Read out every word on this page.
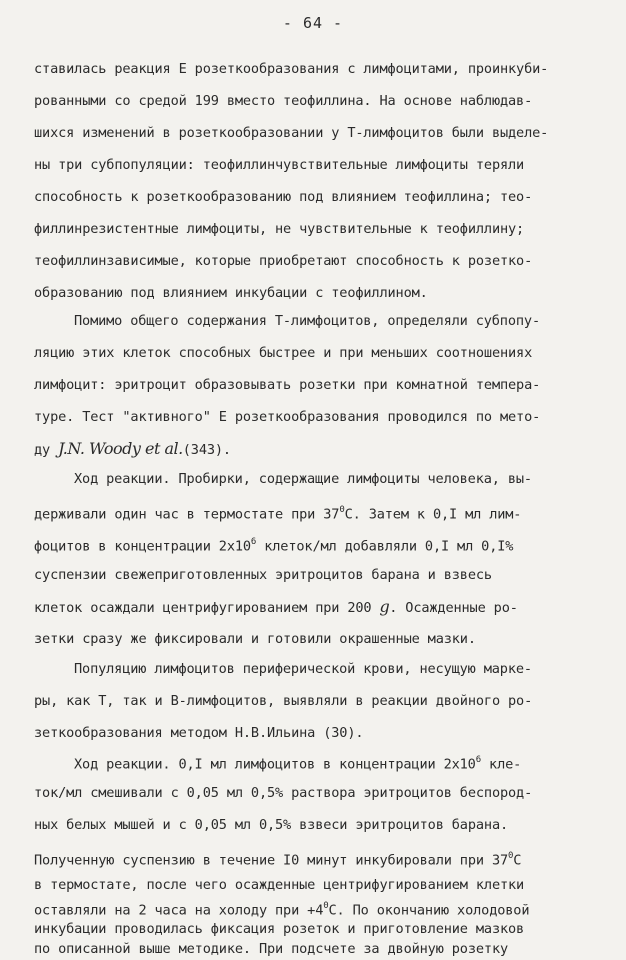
- 64 -
ставилась реакция Е розеткообразования с лимфоцитами, проинкуби-
рованными со средой 199 вместо теофиллина. На основе наблюдав-
шихся изменений в розеткообразовании у Т-лимфоцитов были выделе-
ны три субпопуляции: теофиллинчувствительные лимфоциты теряли
способность к розеткообразованию под влиянием теофиллина; тео-
филлинрезистентные лимфоциты, не чувствительные к теофиллину;
теофиллинзависимые, которые приобретают способность к розетко-
образованию под влиянием инкубации с теофиллином.
Помимо общего содержания Т-лимфоцитов, определяли субпопу-
ляцию этих клеток способных быстрее и при меньших соотношениях
лимфоцит: эритроцит образовывать розетки при комнатной темпера-
туре. Тест "активного" Е розеткообразования проводился по мето-
ду J.N. Woody et al.(343).
Ход реакции. Пробирки, содержащие лимфоциты человека, вы-
держивали один час в термостате при $37^0С$. Затем к 0,I мл лим-
фоцитов в концентрации $2x10^6$ клеток/мл добавляли 0,I мл 0,I%
суспензии свежеприготовленных эритроцитов барана и взвесь
клеток осаждали центрифугированием при 200 g. Осажденные ро-
зетки сразу же фиксировали и готовили окрашенные мазки.
Популяцию лимфоцитов периферической крови, несущую марке-
ры, как Т, так и В-лимфоцитов, выявляли в реакции двойного ро-
зеткообразования методом Н.В.Ильина (30).
Ход реакции. 0,I мл лимфоцитов в концентрации $2x10^6$ кле-
ток/мл смешивали с 0,05 мл 0,5% раствора эритроцитов беспород-
ных белых мышей и с 0,05 мл 0,5% взвеси эритроцитов барана.
Полученную суспензию в течение I0 минут инкубировали при $37^0С$
в термостате, после чего осажденные центрифугированием клетки
оставляли на 2 часа на холоду при $+4^0С$. По окончанию холодовой
инкубации проводилась фиксация розеток и приготовление мазков
по описанной выше методике. При подсчете за двойную розетку
